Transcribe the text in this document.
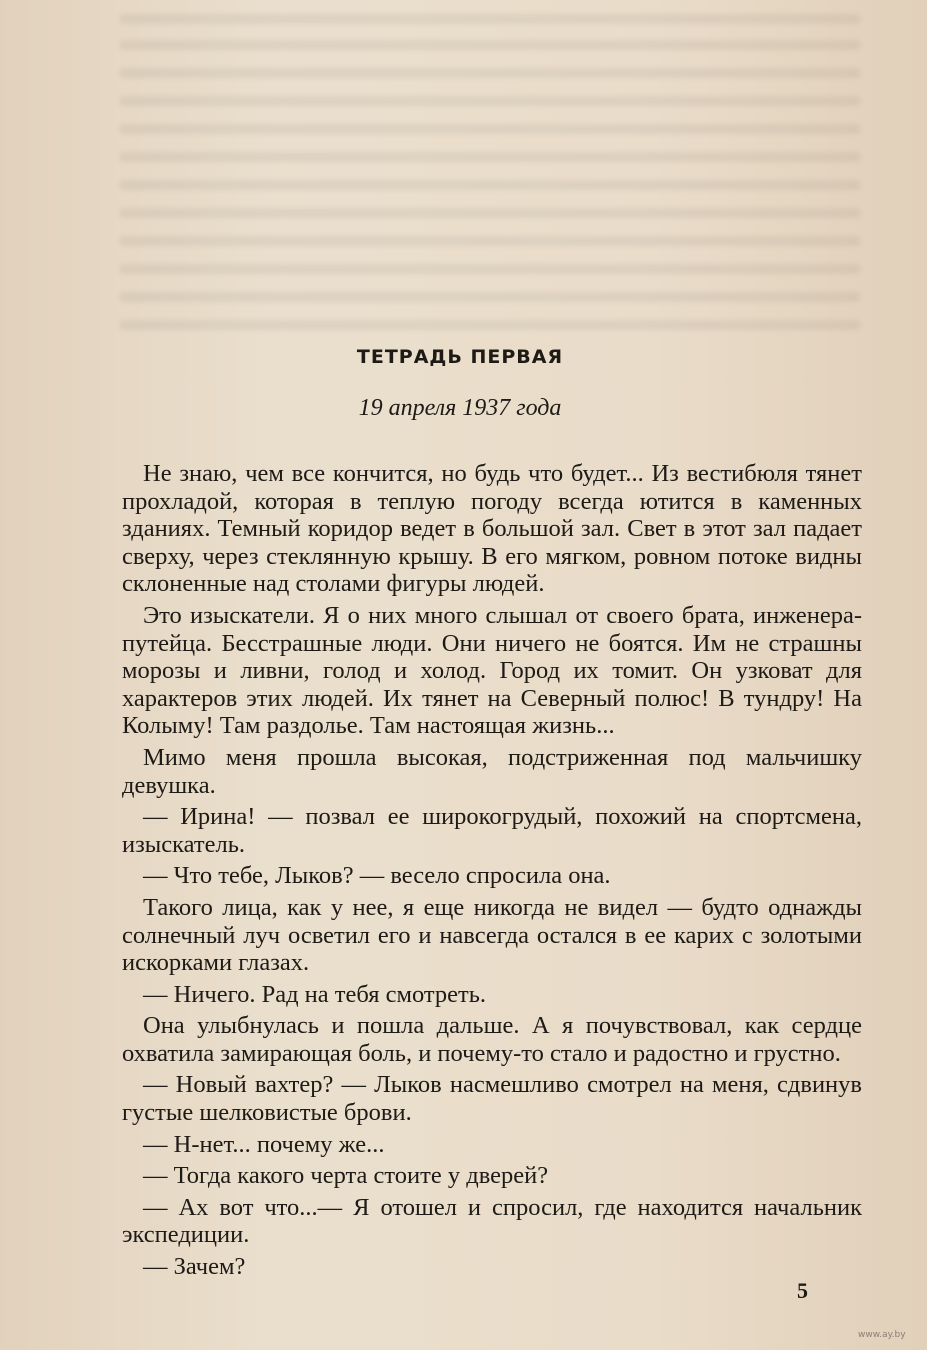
ТЕТРАДЬ ПЕРВАЯ
19 апреля 1937 года

Не знаю, чем все кончится, но будь что будет... Из вестибюля тянет прохладой, которая в теплую погоду всегда ютится в каменных зданиях. Темный коридор ведет в большой зал. Свет в этот зал падает сверху, через стеклянную крышу. В его мягком, ровном потоке видны склоненные над столами фигуры людей.

Это изыскатели. Я о них много слышал от своего брата, инженера-путейца. Бесстрашные люди. Они ничего не боятся. Им не страшны морозы и ливни, голод и холод. Город их томит. Он узковат для характеров этих людей. Их тянет на Северный полюс! В тундру! На Колыму! Там раздолье. Там настоящая жизнь...

Мимо меня прошла высокая, подстриженная под мальчишку девушка.

— Ирина! — позвал ее широкогрудый, похожий на спортсмена, изыскатель.

— Что тебе, Лыков? — весело спросила она.

Такого лица, как у нее, я еще никогда не видел — будто однажды солнечный луч осветил его и навсегда остался в ее карих с золотыми искорками глазах.

— Ничего. Рад на тебя смотреть.

Она улыбнулась и пошла дальше. А я почувствовал, как сердце охватила замирающая боль, и почему-то стало и радостно и грустно.

— Новый вахтер? — Лыков насмешливо смотрел на меня, сдвинув густые шелковистые брови.

— Н-нет... почему же...

— Тогда какого черта стоите у дверей?

— Ах вот что...— Я отошел и спросил, где находится начальник экспедиции.

— Зачем?

5
www.ay.by
